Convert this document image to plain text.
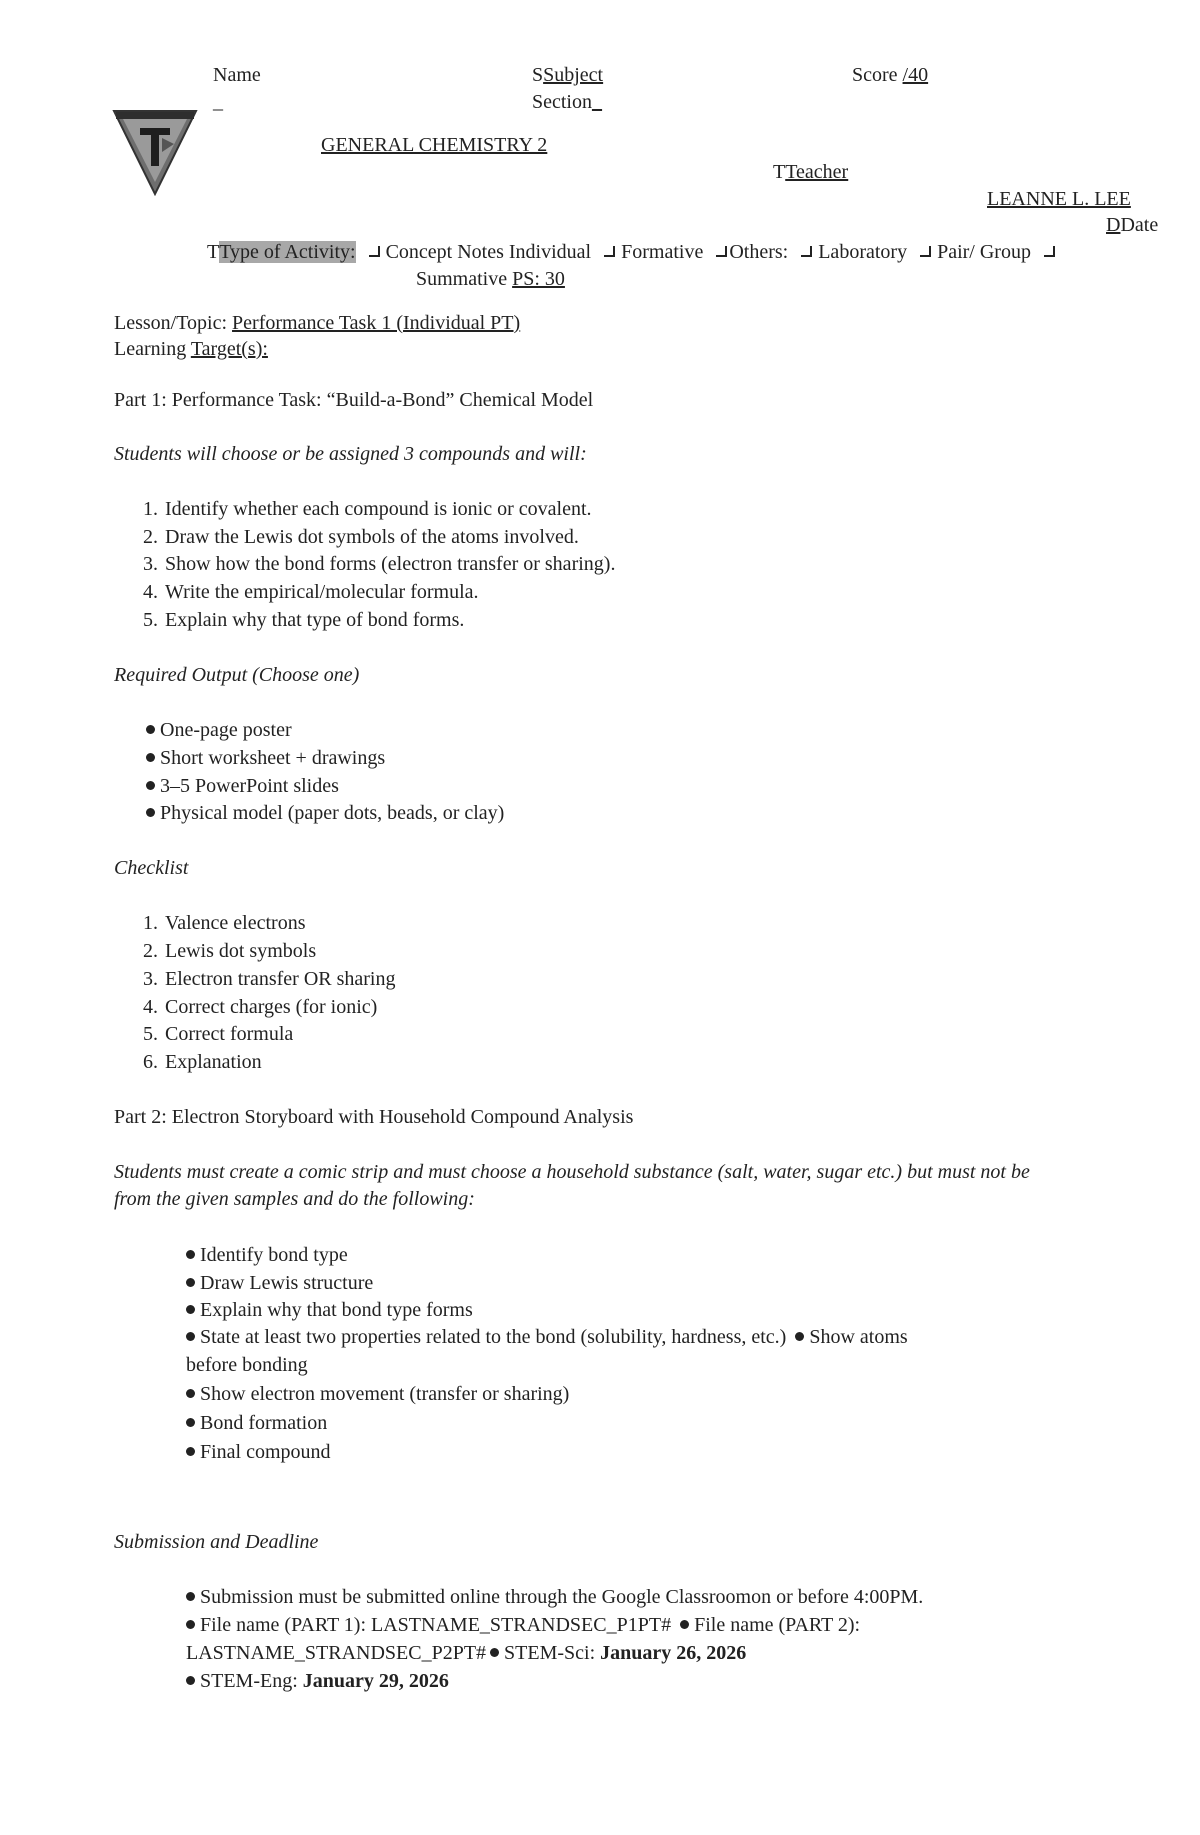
Name
_
SSubject
Section_
Score /40
GENERAL CHEMISTRY 2
TTeacher
LEANNE L. LEE
DDate
TType of Activity: Concept Notes Individual Formative Others: Laboratory Pair/ Group
Summative PS: 30
Lesson/Topic: Performance Task 1 (Individual PT)
Learning Target(s):
Part 1: Performance Task: “Build-a-Bond” Chemical Model
Students will choose or be assigned 3 compounds and will:
1. Identify whether each compound is ionic or covalent.
2. Draw the Lewis dot symbols of the atoms involved.
3. Show how the bond forms (electron transfer or sharing).
4. Write the empirical/molecular formula.
5. Explain why that type of bond forms.
Required Output (Choose one)
One-page poster
Short worksheet + drawings
3–5 PowerPoint slides
Physical model (paper dots, beads, or clay)
Checklist
1. Valence electrons
2. Lewis dot symbols
3. Electron transfer OR sharing
4. Correct charges (for ionic)
5. Correct formula
6. Explanation
Part 2: Electron Storyboard with Household Compound Analysis
Students must create a comic strip and must choose a household substance (salt, water, sugar etc.) but must not be
from the given samples and do the following:
Identify bond type
Draw Lewis structure
Explain why that bond type forms
State at least two properties related to the bond (solubility, hardness, etc.) Show atoms
before bonding
Show electron movement (transfer or sharing)
Bond formation
Final compound
Submission and Deadline
Submission must be submitted online through the Google Classroomon or before 4:00PM.
File name (PART 1): LASTNAME_STRANDSEC_P1PT# File name (PART 2):
LASTNAME_STRANDSEC_P2PT# STEM-Sci: January 26, 2026
STEM-Eng: January 29, 2026
